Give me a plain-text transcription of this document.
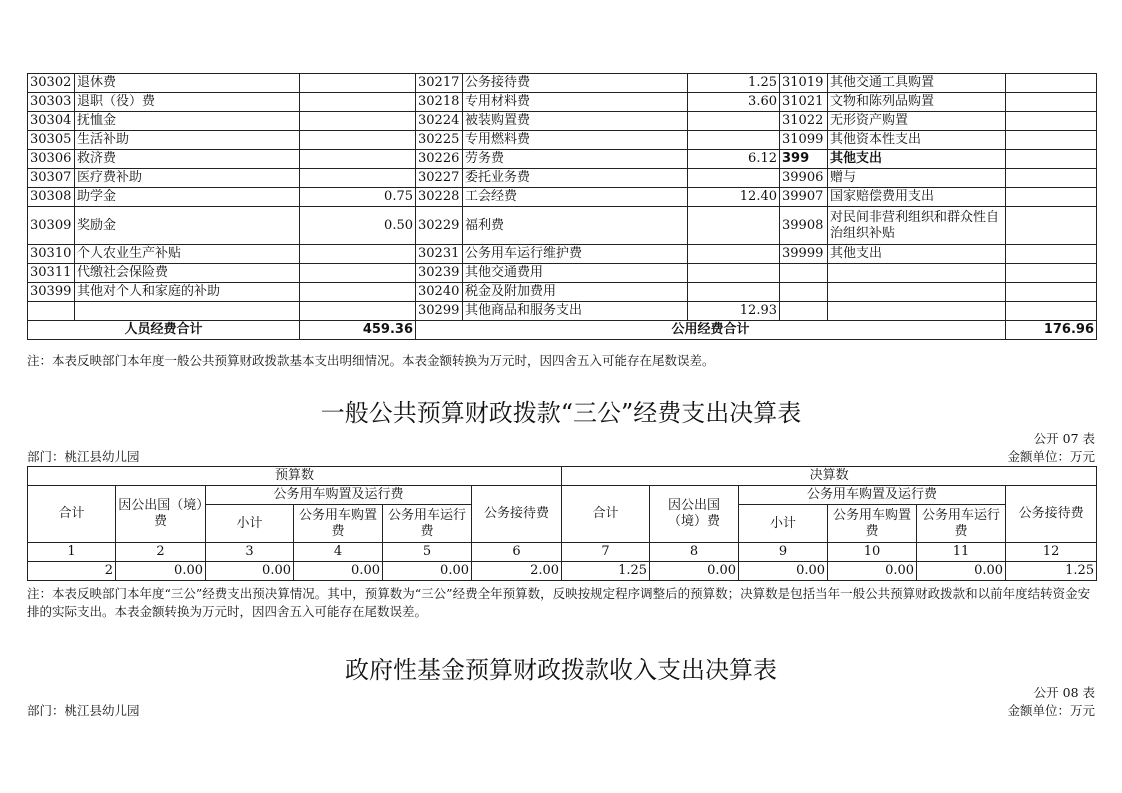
30302	退休费		30217	公务接待费	1.25	31019	其他交通工具购置	
30303	退职（役）费		30218	专用材料费	3.60	31021	文物和陈列品购置	
30304	抚恤金		30224	被装购置费		31022	无形资产购置	
30305	生活补助		30225	专用燃料费		31099	其他资本性支出	
30306	救济费		30226	劳务费	6.12	399	其他支出	
30307	医疗费补助		30227	委托业务费		39906	赠与	
30308	助学金	0.75	30228	工会经费	12.40	39907	国家赔偿费用支出	
30309	奖励金	0.50	30229	福利费		39908	对民间非营利组织和群众性自治组织补贴	
30310	个人农业生产补贴		30231	公务用车运行维护费		39999	其他支出	
30311	代缴社会保险费		30239	其他交通费用				
30399	其他对个人和家庭的补助		30240	税金及附加费用				
			30299	其他商品和服务支出	12.93			
人员经费合计		459.36	公用经费合计					176.96
注：本表反映部门本年度一般公共预算财政拨款基本支出明细情况。本表金额转换为万元时，因四舍五入可能存在尾数误差。
一般公共预算财政拨款“三公”经费支出决算表
公开 07 表
部门：桃江县幼儿园	金额单位：万元
预算数						决算数					
合计	因公出国（境）费	公务用车购置及运行费			公务接待费	合计	因公出国（境）费	公务用车购置及运行费			公务接待费
		小计	公务用车购置费	公务用车运行费				小计	公务用车购置费	公务用车运行费	
1	2	3	4	5	6	7	8	9	10	11	12
2	0.00	0.00	0.00	0.00	2.00	1.25	0.00	0.00	0.00	0.00	1.25
注：本表反映部门本年度“三公”经费支出预决算情况。其中，预算数为“三公”经费全年预算数，反映按规定程序调整后的预算数；决算数是包括当年一般公共预算财政拨款和以前年度结转资金安排的实际支出。本表金额转换为万元时，因四舍五入可能存在尾数误差。
政府性基金预算财政拨款收入支出决算表
公开 08 表
部门：桃江县幼儿园	金额单位：万元
